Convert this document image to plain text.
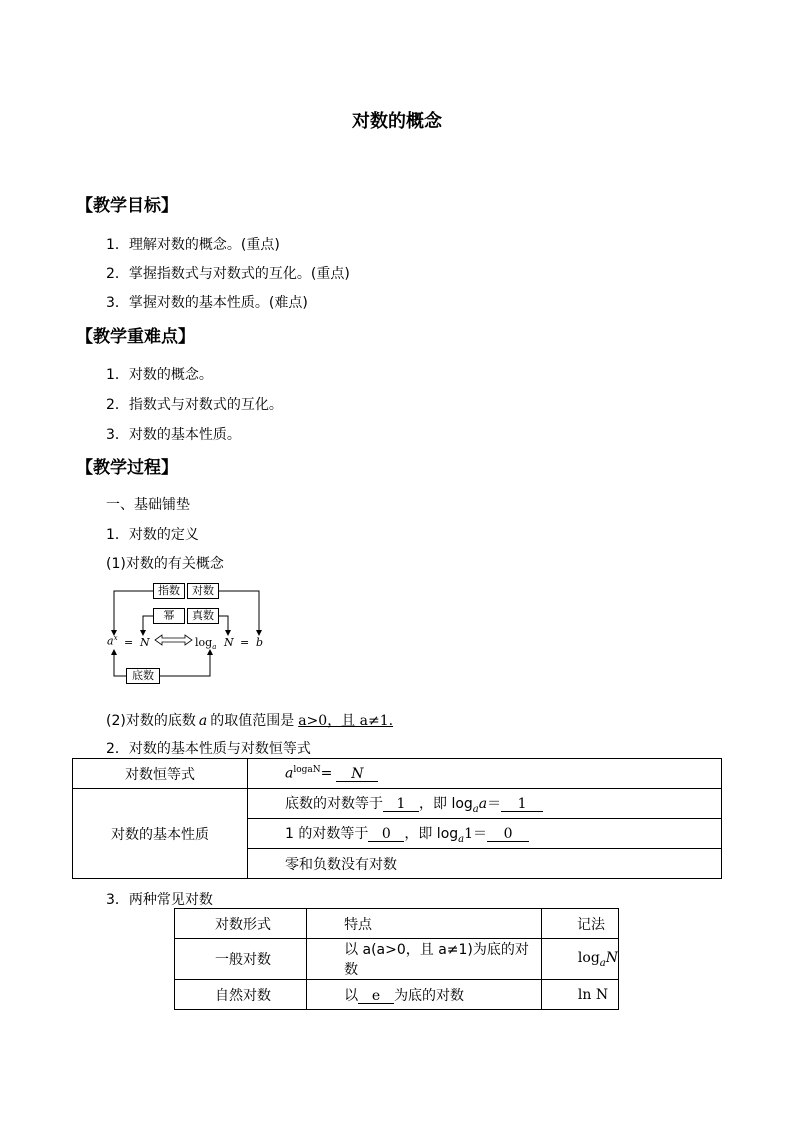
对数的概念
【教学目标】
1．理解对数的概念。(重点)
2．掌握指数式与对数式的互化。(重点)
3．掌握对数的基本性质。(难点)
【教学重难点】
1．对数的概念。
2．指数式与对数式的互化。
3．对数的基本性质。
【教学过程】
一、基础铺垫
1．对数的定义
(1)对数的有关概念
指数	对数
幂	真数
底数
$a^x = N$	$\log_a N = b$
(2)对数的底数 a 的取值范围是 a>0，且 a≠1.
2．对数的基本性质与对数恒等式
对数恒等式	$a^{logaN}= N$
对数的基本性质	底数的对数等于 1 ，即 $\log_aa= 1$
	1 的对数等于 0 ，即 $\log_a1= 0$
	零和负数没有对数
3．两种常见对数
对数形式	特点	记法
一般对数	以 a(a>0，且 a≠1)为底的对数	$\log_aN$
自然对数	以 e 为底的对数	ln N
